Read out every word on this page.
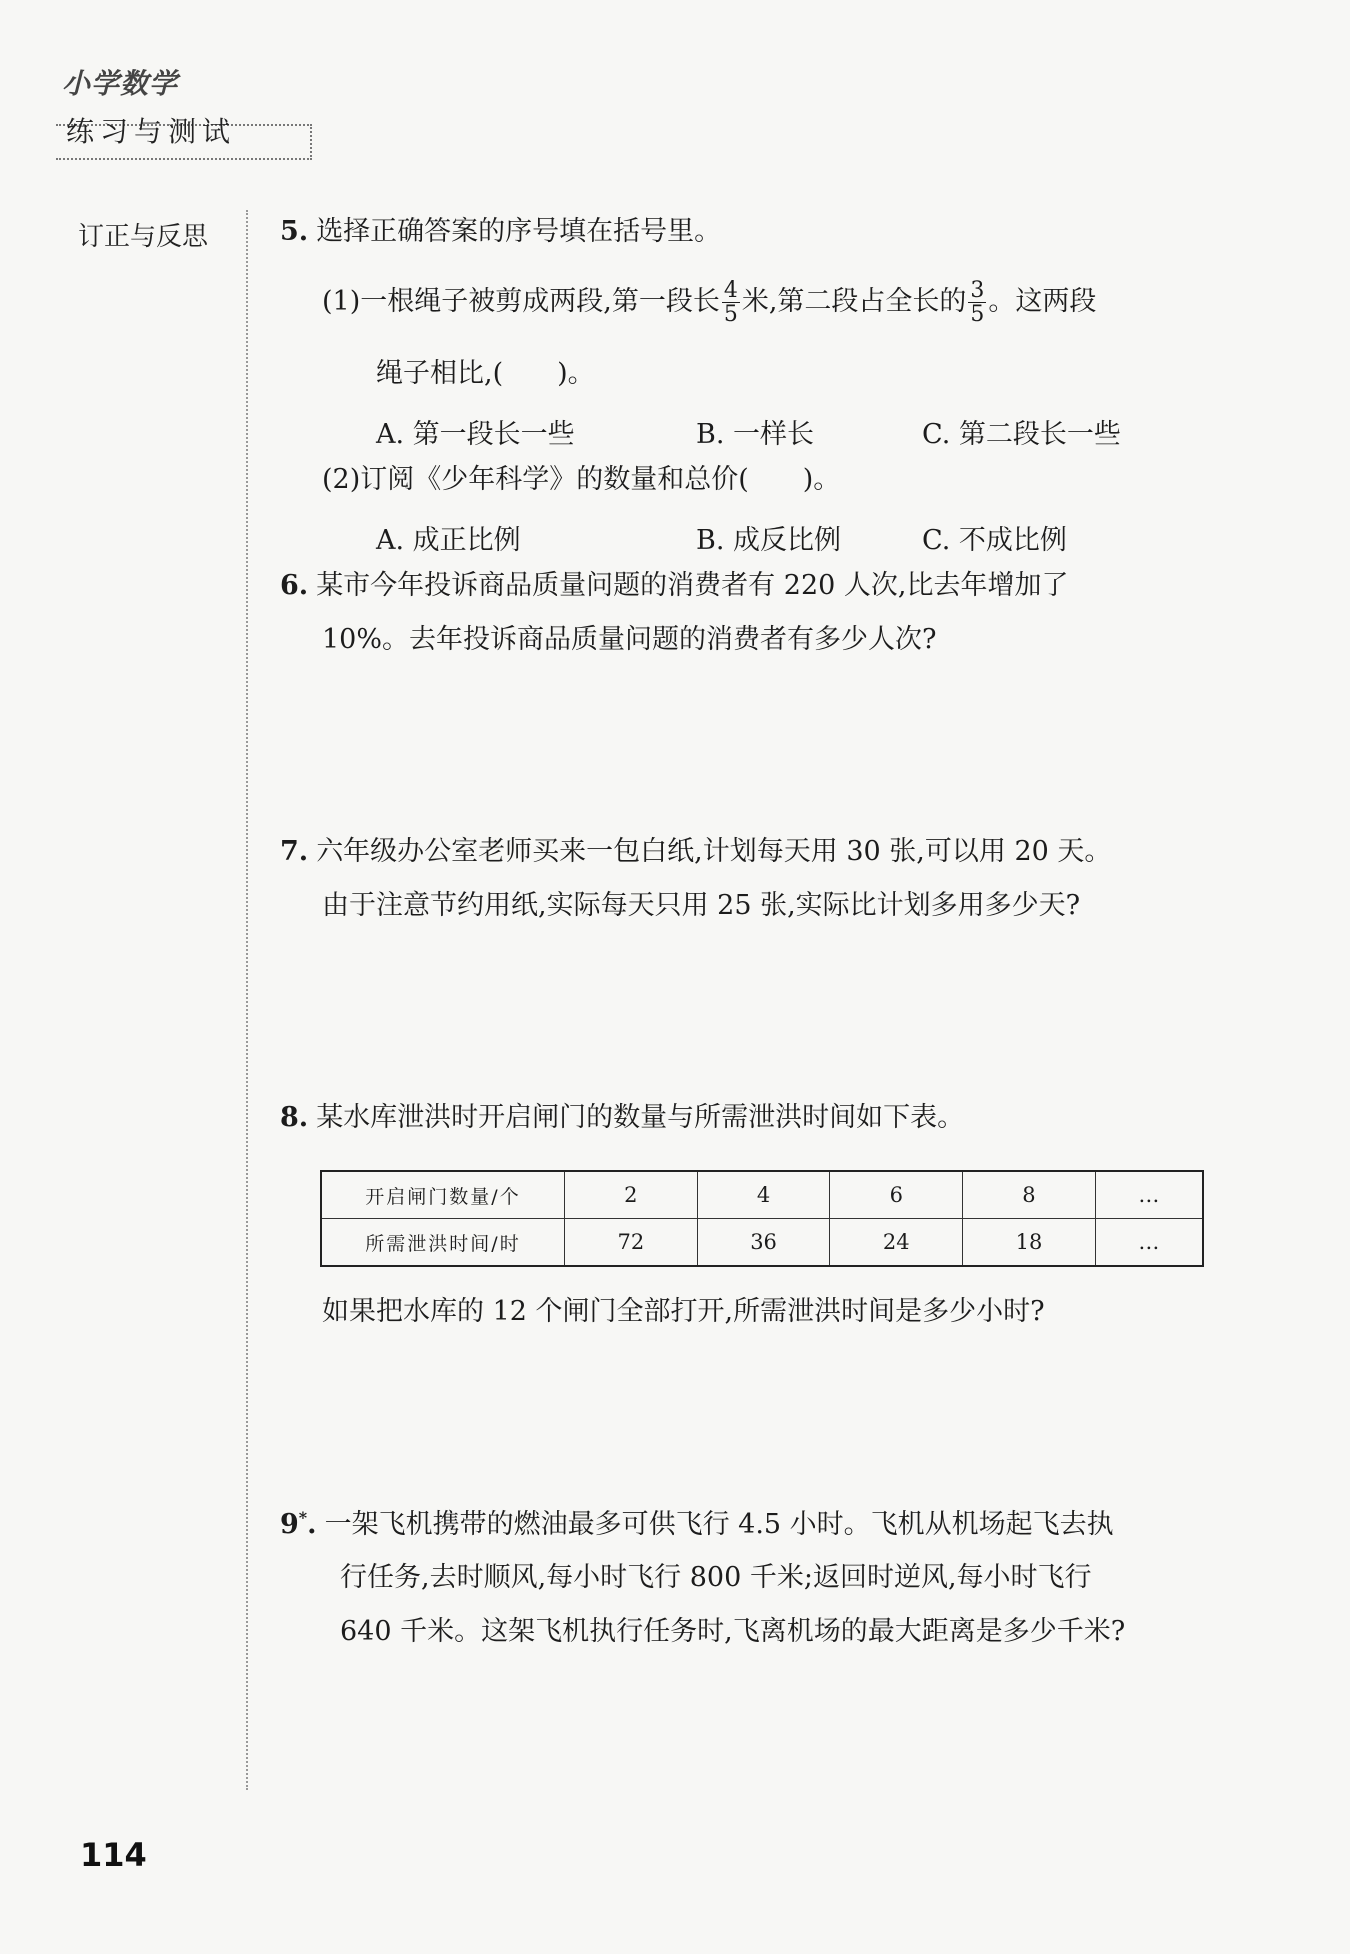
小学数学
练习与测试
订正与反思	5. 选择正确答案的序号填在括号里。
(1)一根绳子被剪成两段,第一段长 $\frac{4}{5}$ 米,第二段占全长的 $\frac{3}{5}$ 。这两段
绳子相比,(　　)。
A. 第一段长一些	B. 一样长	C. 第二段长一些
(2)订阅《少年科学》的数量和总价(　　)。
A. 成正比例	B. 成反比例	C. 不成比例
6. 某市今年投诉商品质量问题的消费者有 220 人次,比去年增加了
10%。去年投诉商品质量问题的消费者有多少人次?
7. 六年级办公室老师买来一包白纸,计划每天用 30 张,可以用 20 天。
由于注意节约用纸,实际每天只用 25 张,实际比计划多用多少天?
8. 某水库泄洪时开启闸门的数量与所需泄洪时间如下表。
开启闸门数量/个	2	4	6	8	…
所需泄洪时间/时	72	36	24	18	…
如果把水库的 12 个闸门全部打开,所需泄洪时间是多少小时?
9*. 一架飞机携带的燃油最多可供飞行 4.5 小时。飞机从机场起飞去执
行任务,去时顺风,每小时飞行 800 千米;返回时逆风,每小时飞行
640 千米。这架飞机执行任务时,飞离机场的最大距离是多少千米?
114
